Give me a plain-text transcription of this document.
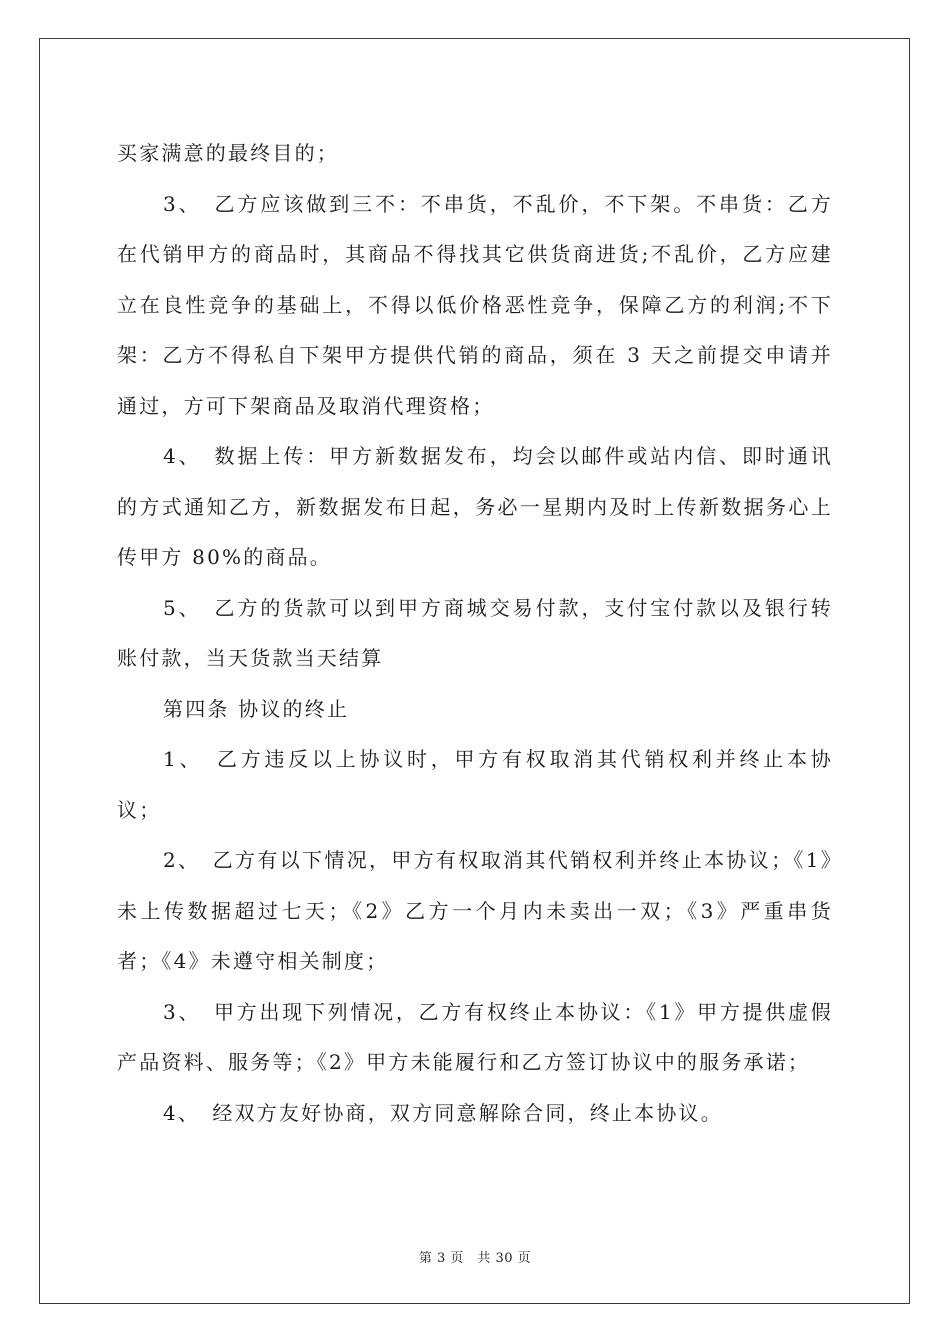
买家满意的最终目的；

3、　乙方应该做到三不：不串货，不乱价，不下架。不串货：乙方在代销甲方的商品时，其商品不得找其它供货商进货;不乱价，乙方应建立在良性竞争的基础上，不得以低价格恶性竞争，保障乙方的利润;不下架：乙方不得私自下架甲方提供代销的商品，须在 3 天之前提交申请并通过，方可下架商品及取消代理资格；

4、　数据上传：甲方新数据发布，均会以邮件或站内信、即时通讯的方式通知乙方，新数据发布日起，务必一星期内及时上传新数据务心上传甲方 80%的商品。

5、　乙方的货款可以到甲方商城交易付款，支付宝付款以及银行转账付款，当天货款当天结算

第四条 协议的终止

1、　乙方违反以上协议时，甲方有权取消其代销权利并终止本协议；

2、　乙方有以下情况，甲方有权取消其代销权利并终止本协议；《1》未上传数据超过七天；《2》乙方一个月内未卖出一双；《3》严重串货者；《4》未遵守相关制度；

3、　甲方出现下列情况，乙方有权终止本协议：《1》甲方提供虚假产品资料、服务等；《2》甲方未能履行和乙方签订协议中的服务承诺；

4、　经双方友好协商，双方同意解除合同，终止本协议。

第 3 页　共 30 页
